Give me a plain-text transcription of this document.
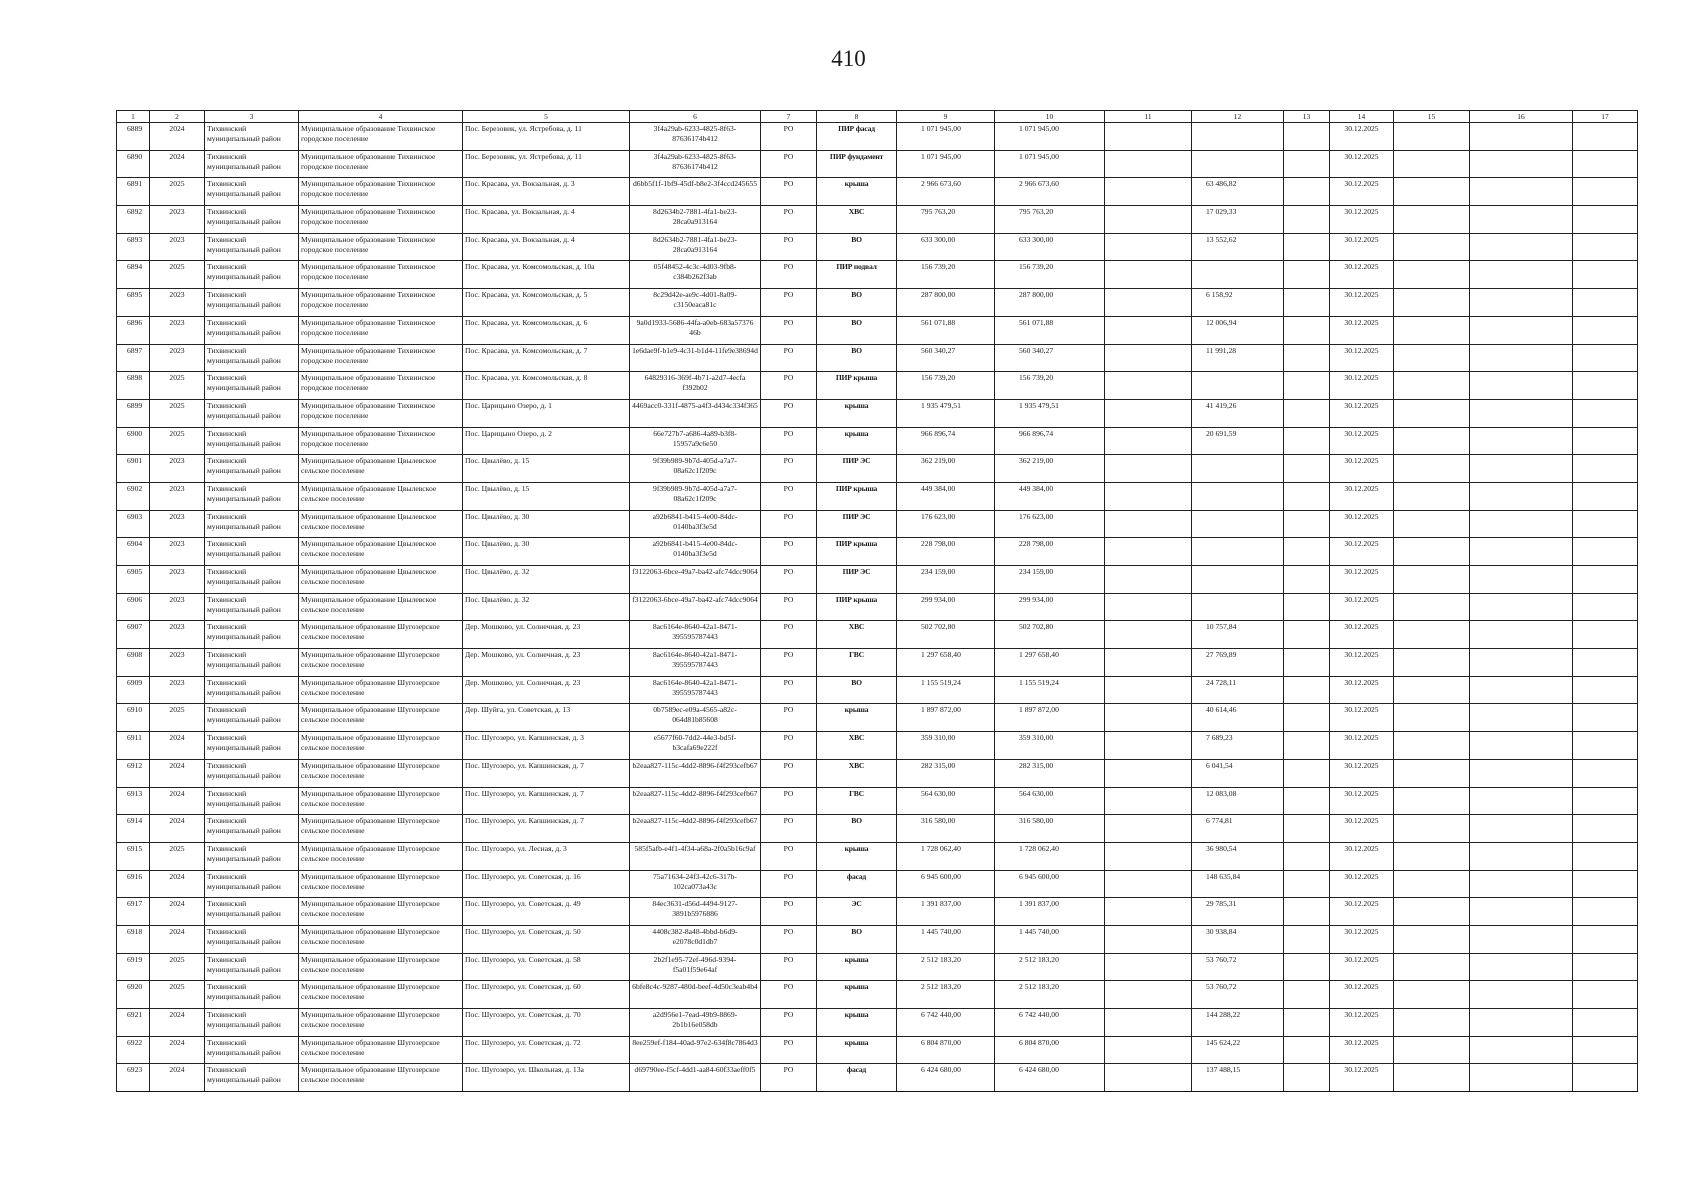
410
1	2	3	4	5	6	7	8	9	10	11	12	13	14	15	16	17
6889	2024	Тихвинский муниципальный район	Муниципальное образование Тихвинское городское поселение	Пос. Березовик, ул. Ястребова, д. 11	3f4a29ab-6233-4825-8f63-87636174b412	РО	ПИР фасад	1 071 945,00	1 071 945,00				30.12.2025			
6890	2024	Тихвинский муниципальный район	Муниципальное образование Тихвинское городское поселение	Пос. Березовик, ул. Ястребова, д. 11	3f4a29ab-6233-4825-8f63-87636174b412	РО	ПИР фундамент	1 071 945,00	1 071 945,00				30.12.2025			
6891	2025	Тихвинский муниципальный район	Муниципальное образование Тихвинское городское поселение	Пос. Красава, ул. Вокзальная, д. 3	d6bb5f1f-1bf9-45df-b8e2-3f4ccd245655	РО	крыша	2 966 673,60	2 966 673,60		63 486,82		30.12.2025			
6892	2023	Тихвинский муниципальный район	Муниципальное образование Тихвинское городское поселение	Пос. Красава, ул. Вокзальная, д. 4	8d2634b2-7881-4fa1-be23-28ca0a913164	РО	ХВС	795 763,20	795 763,20		17 029,33		30.12.2025			
6893	2023	Тихвинский муниципальный район	Муниципальное образование Тихвинское городское поселение	Пос. Красава, ул. Вокзальная, д. 4	8d2634b2-7881-4fa1-be23-28ca0a913164	РО	ВО	633 300,00	633 300,00		13 552,62		30.12.2025			
6894	2025	Тихвинский муниципальный район	Муниципальное образование Тихвинское городское поселение	Пос. Красава, ул. Комсомольская, д. 10а	05f48452-4c3c-4d03-9fb8-c384b262f3ab	РО	ПИР подвал	156 739,20	156 739,20				30.12.2025			
6895	2023	Тихвинский муниципальный район	Муниципальное образование Тихвинское городское поселение	Пос. Красава, ул. Комсомольская, д. 5	8c29d42e-ae9c-4d01-8a09-c3150eaca81c	РО	ВО	287 800,00	287 800,00		6 158,92		30.12.2025			
6896	2023	Тихвинский муниципальный район	Муниципальное образование Тихвинское городское поселение	Пос. Красава, ул. Комсомольская, д. 6	9a0d1933-5686-44fa-a0eb-683a57376 46b	РО	ВО	561 071,88	561 071,88		12 006,94		30.12.2025			
6897	2023	Тихвинский муниципальный район	Муниципальное образование Тихвинское городское поселение	Пос. Красава, ул. Комсомольская, д. 7	1e6dae9f-b1e9-4c31-b1d4-11fe9e38694d	РО	ВО	560 340,27	560 340,27		11 991,28		30.12.2025			
6898	2025	Тихвинский муниципальный район	Муниципальное образование Тихвинское городское поселение	Пос. Красава, ул. Комсомольская, д. 8	64829316-369f-4b71-a2d7-4ecfa f392b02	РО	ПИР крыша	156 739,20	156 739,20				30.12.2025			
6899	2025	Тихвинский муниципальный район	Муниципальное образование Тихвинское городское поселение	Пос. Царицыно Озеро, д. 1	4469acc0-331f-4875-a4f3-d434c334f365	РО	крыша	1 935 479,51	1 935 479,51		41 419,26		30.12.2025			
6900	2025	Тихвинский муниципальный район	Муниципальное образование Тихвинское городское поселение	Пос. Царицыно Озеро, д. 2	66e727b7-a686-4a89-b3f8-15957a9c6e50	РО	крыша	966 896,74	966 896,74		20 691,59		30.12.2025			
6901	2023	Тихвинский муниципальный район	Муниципальное образование Цвылевское сельское поселение	Пос. Цвылёво, д. 15	9f39b989-9b7d-405d-a7a7-08a62c1f209c	РО	ПИР ЭС	362 219,00	362 219,00				30.12.2025			
6902	2023	Тихвинский муниципальный район	Муниципальное образование Цвылевское сельское поселение	Пос. Цвылёво, д. 15	9f39b989-9b7d-405d-a7a7-08a62c1f209c	РО	ПИР крыша	449 384,00	449 384,00				30.12.2025			
6903	2023	Тихвинский муниципальный район	Муниципальное образование Цвылевское сельское поселение	Пос. Цвылёво, д. 30	a92b6841-b415-4e00-84dc-0140ba3f3e5d	РО	ПИР ЭС	176 623,00	176 623,00				30.12.2025			
6904	2023	Тихвинский муниципальный район	Муниципальное образование Цвылевское сельское поселение	Пос. Цвылёво, д. 30	a92b6841-b415-4e00-84dc-0140ba3f3e5d	РО	ПИР крыша	228 798,00	228 798,00				30.12.2025			
6905	2023	Тихвинский муниципальный район	Муниципальное образование Цвылевское сельское поселение	Пос. Цвылёво, д. 32	f3122063-6bce-49a7-ba42-afc74dcc9064	РО	ПИР ЭС	234 159,00	234 159,00				30.12.2025			
6906	2023	Тихвинский муниципальный район	Муниципальное образование Цвылевское сельское поселение	Пос. Цвылёво, д. 32	f3122063-6bce-49a7-ba42-afc74dcc9064	РО	ПИР крыша	299 934,00	299 934,00				30.12.2025			
6907	2023	Тихвинский муниципальный район	Муниципальное образование Шугозерское сельское поселение	Дер. Мошково, ул. Солнечная, д. 23	8ac6164e-8640-42a1-8471-395595787443	РО	ХВС	502 702,80	502 702,80		10 757,84		30.12.2025			
6908	2023	Тихвинский муниципальный район	Муниципальное образование Шугозерское сельское поселение	Дер. Мошково, ул. Солнечная, д. 23	8ac6164e-8640-42a1-8471-395595787443	РО	ГВС	1 297 658,40	1 297 658,40		27 769,89		30.12.2025			
6909	2023	Тихвинский муниципальный район	Муниципальное образование Шугозерское сельское поселение	Дер. Мошково, ул. Солнечная, д. 23	8ac6164e-8640-42a1-8471-395595787443	РО	ВО	1 155 519,24	1 155 519,24		24 728,11		30.12.2025			
6910	2025	Тихвинский муниципальный район	Муниципальное образование Шугозерское сельское поселение	Дер. Шуйга, ул. Советская, д. 13	0b7589ec-e09a-4565-a82c-064d81b85608	РО	крыша	1 897 872,00	1 897 872,00		40 614,46		30.12.2025			
6911	2024	Тихвинский муниципальный район	Муниципальное образование Шугозерское сельское поселение	Пос. Шугозеро, ул. Капшинская, д. 3	e5677f60-7dd2-44e3-bd5f-b3cafa69e222f	РО	ХВС	359 310,00	359 310,00		7 689,23		30.12.2025			
6912	2024	Тихвинский муниципальный район	Муниципальное образование Шугозерское сельское поселение	Пос. Шугозеро, ул. Капшинская, д. 7	b2eaa827-115c-4dd2-8896-f4f293cefb67	РО	ХВС	282 315,00	282 315,00		6 041,54		30.12.2025			
6913	2024	Тихвинский муниципальный район	Муниципальное образование Шугозерское сельское поселение	Пос. Шугозеро, ул. Капшинская, д. 7	b2eaa827-115c-4dd2-8896-f4f293cefb67	РО	ГВС	564 630,00	564 630,00		12 083,08		30.12.2025			
6914	2024	Тихвинский муниципальный район	Муниципальное образование Шугозерское сельское поселение	Пос. Шугозеро, ул. Капшинская, д. 7	b2eaa827-115c-4dd2-8896-f4f293cefb67	РО	ВО	316 580,00	316 580,00		6 774,81		30.12.2025			
6915	2025	Тихвинский муниципальный район	Муниципальное образование Шугозерское сельское поселение	Пос. Шугозеро, ул. Лесная, д. 3	585f5afb-e4f1-4f34-a68a-2f0a5b16c9af	РО	крыша	1 728 062,40	1 728 062,40		36 980,54		30.12.2025			
6916	2024	Тихвинский муниципальный район	Муниципальное образование Шугозерское сельское поселение	Пос. Шугозеро, ул. Советская, д. 16	75a71634-24f3-42c6-317b-102ca073a43c	РО	фасад	6 945 600,00	6 945 600,00		148 635,84		30.12.2025			
6917	2024	Тихвинский муниципальный район	Муниципальное образование Шугозерское сельское поселение	Пос. Шугозеро, ул. Советская, д. 49	84ec3631-d56d-4494-9127-3891b5976886	РО	ЭС	1 391 837,00	1 391 837,00		29 785,31		30.12.2025			
6918	2024	Тихвинский муниципальный район	Муниципальное образование Шугозерское сельское поселение	Пос. Шугозеро, ул. Советская, д. 50	4408c382-8a48-4bbd-b6d9-e2078c0d1db7	РО	ВО	1 445 740,00	1 445 740,00		30 938,84		30.12.2025			
6919	2025	Тихвинский муниципальный район	Муниципальное образование Шугозерское сельское поселение	Пос. Шугозеро, ул. Советская, д. 58	2b2f1e95-72ef-496d-9394-f5a01f59e64af	РО	крыша	2 512 183,20	2 512 183,20		53 760,72		30.12.2025			
6920	2025	Тихвинский муниципальный район	Муниципальное образование Шугозерское сельское поселение	Пос. Шугозеро, ул. Советская, д. 60	6bfe8c4c-9287-480d-beef-4d50c3eab4b4	РО	крыша	2 512 183,20	2 512 183,20		53 760,72		30.12.2025			
6921	2024	Тихвинский муниципальный район	Муниципальное образование Шугозерское сельское поселение	Пос. Шугозеро, ул. Советская, д. 70	a2d956e1-7ead-49b9-8869-2b1b16e058db	РО	крыша	6 742 440,00	6 742 440,00		144 288,22		30.12.2025			
6922	2024	Тихвинский муниципальный район	Муниципальное образование Шугозерское сельское поселение	Пос. Шугозеро, ул. Советская, д. 72	8ee259ef-f184-40ad-97e2-634f8c7864d3	РО	крыша	6 804 870,00	6 804 870,00		145 624,22		30.12.2025			
6923	2024	Тихвинский муниципальный район	Муниципальное образование Шугозерское сельское поселение	Пос. Шугозеро, ул. Школьная, д. 13а	d69790ee-f5cf-4dd1-aa84-60f33aeff0f5	РО	фасад	6 424 680,00	6 424 680,00		137 488,15		30.12.2025			
